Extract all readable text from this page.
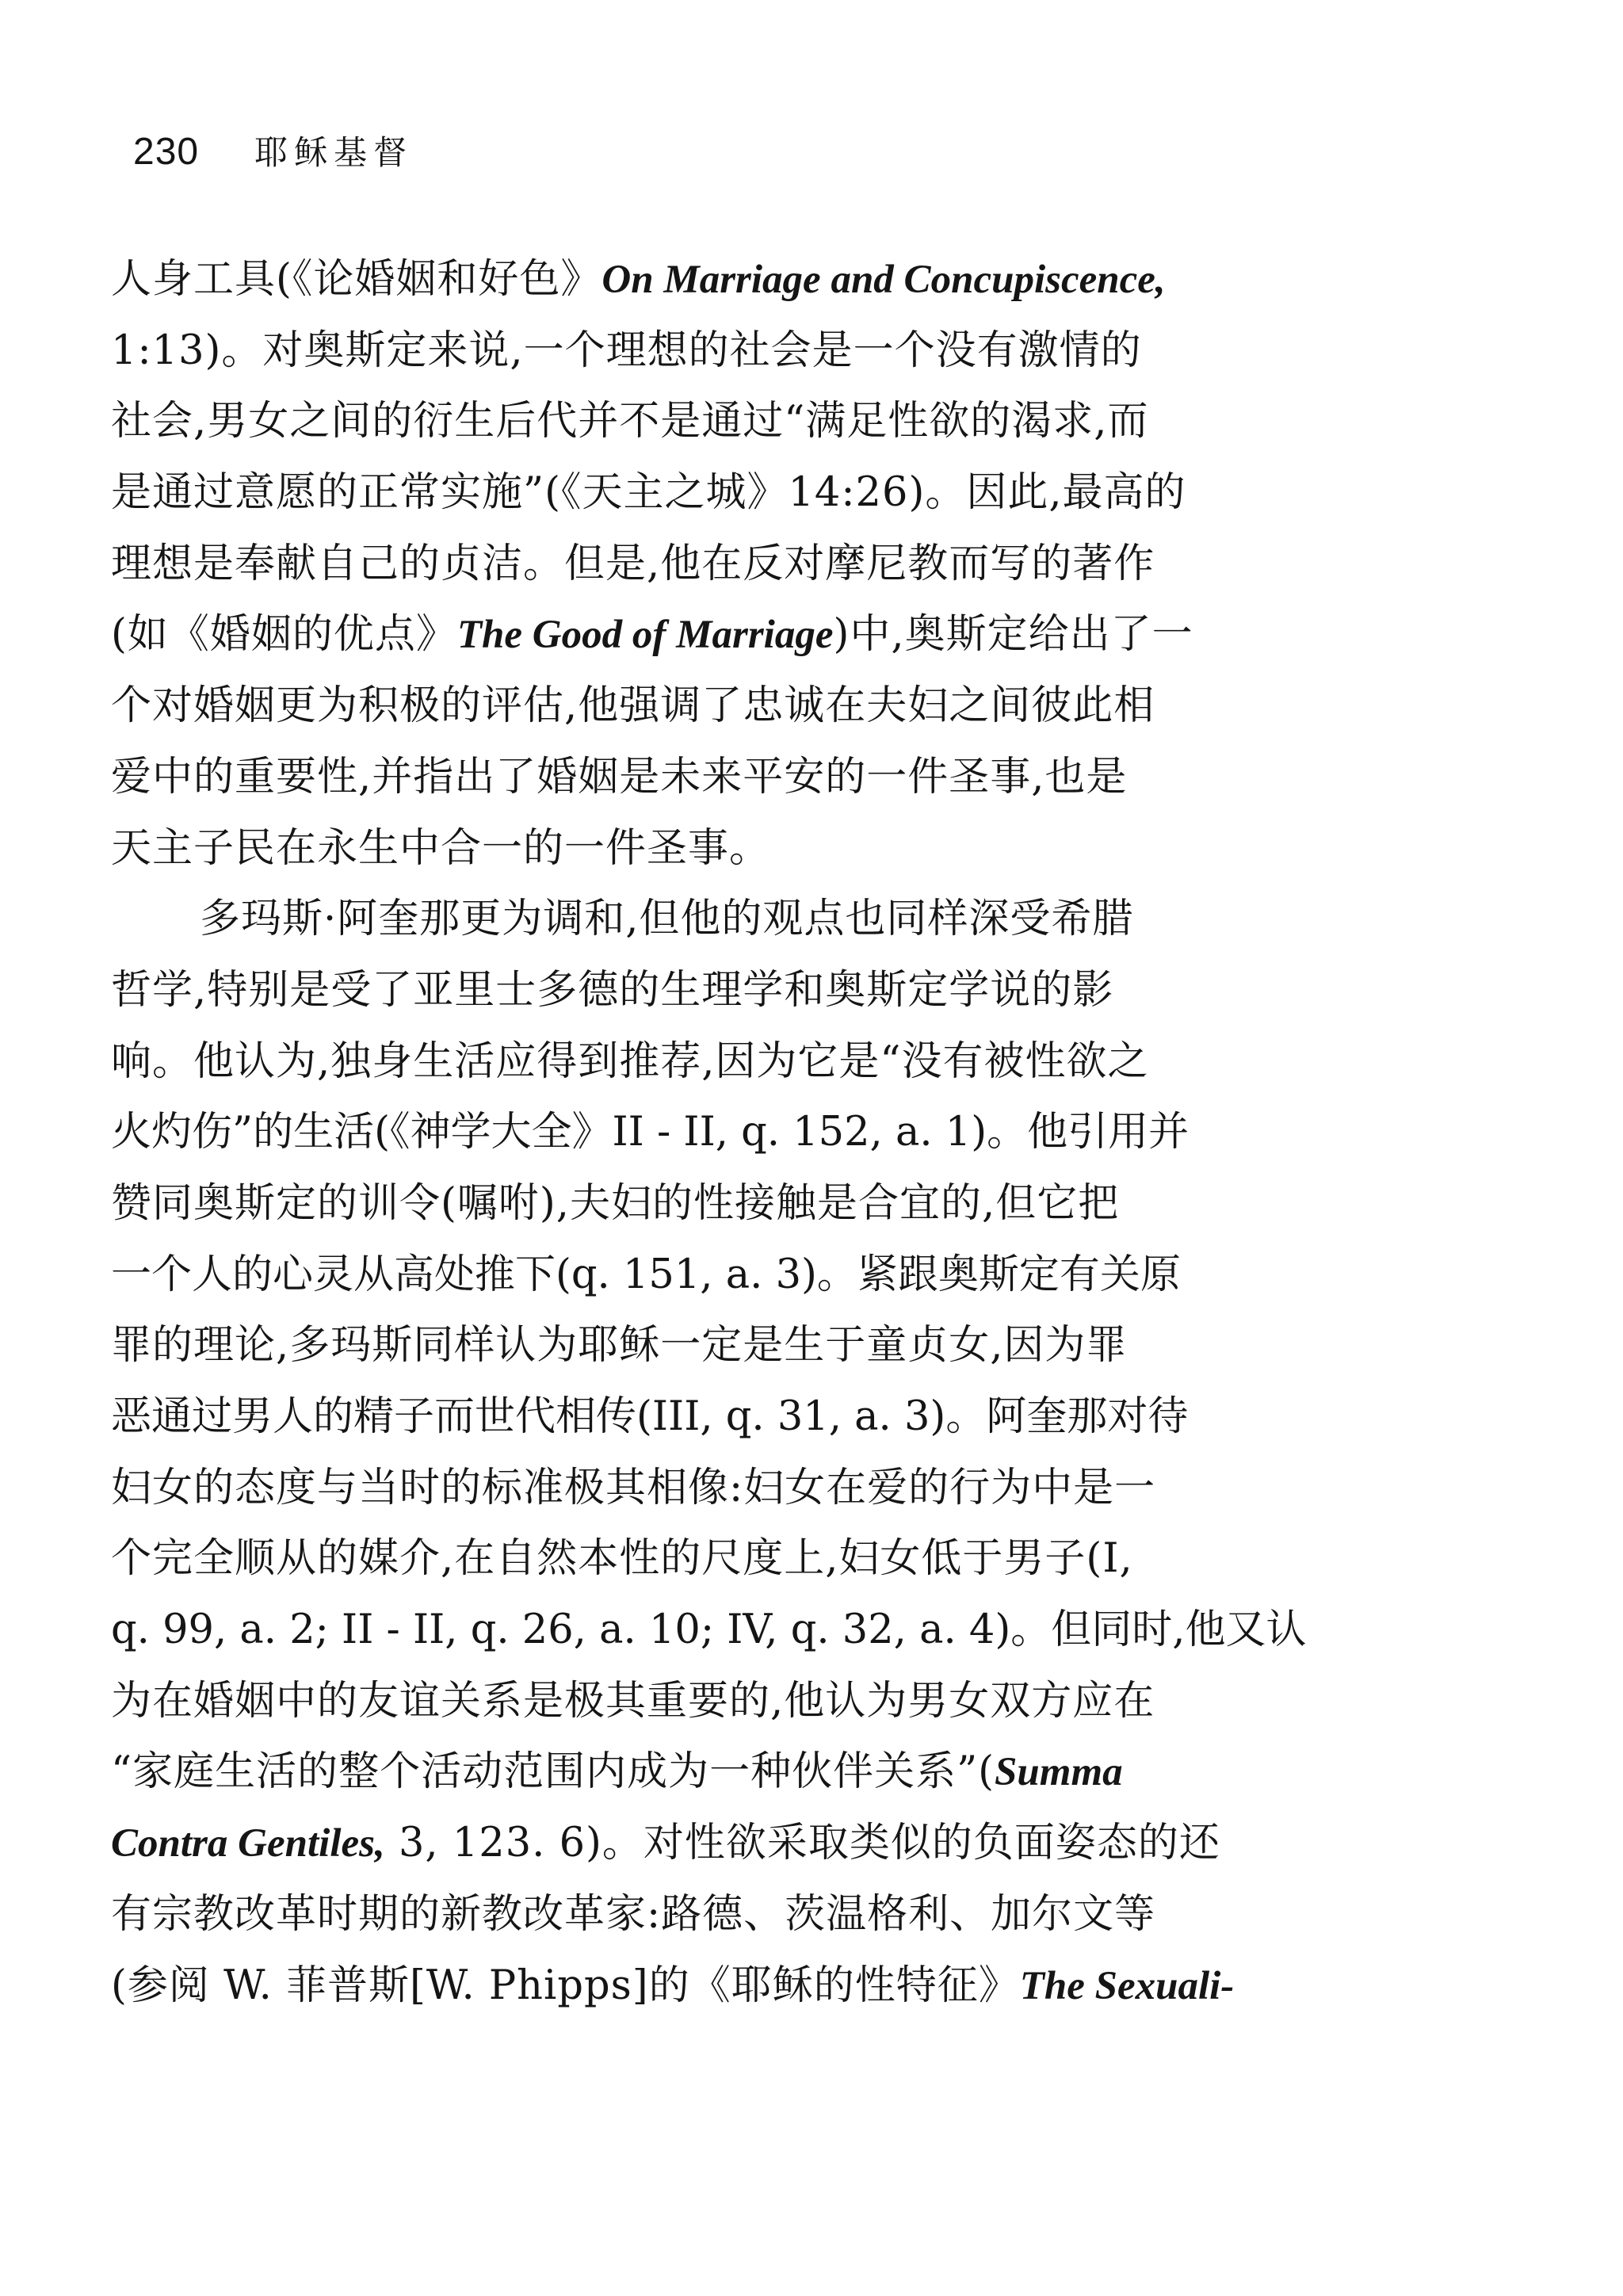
230 耶稣基督
人身工具(《论婚姻和好色》On Marriage and Concupiscence,
1:13)。对奥斯定来说,一个理想的社会是一个没有激情的
社会,男女之间的衍生后代并不是通过“满足性欲的渴求,而
是通过意愿的正常实施”(《天主之城》14:26)。因此,最高的
理想是奉献自己的贞洁。但是,他在反对摩尼教而写的著作
(如《婚姻的优点》The Good of Marriage)中,奥斯定给出了一
个对婚姻更为积极的评估,他强调了忠诚在夫妇之间彼此相
爱中的重要性,并指出了婚姻是未来平安的一件圣事,也是
天主子民在永生中合一的一件圣事。
多玛斯·阿奎那更为调和,但他的观点也同样深受希腊
哲学,特别是受了亚里士多德的生理学和奥斯定学说的影
响。他认为,独身生活应得到推荐,因为它是“没有被性欲之
火灼伤”的生活(《神学大全》II - II, q. 152, a. 1)。他引用并
赞同奥斯定的训令(嘱咐),夫妇的性接触是合宜的,但它把
一个人的心灵从高处推下(q. 151, a. 3)。紧跟奥斯定有关原
罪的理论,多玛斯同样认为耶稣一定是生于童贞女,因为罪
恶通过男人的精子而世代相传(III, q. 31, a. 3)。阿奎那对待
妇女的态度与当时的标准极其相像:妇女在爱的行为中是一
个完全顺从的媒介,在自然本性的尺度上,妇女低于男子(I,
q. 99, a. 2; II - II, q. 26, a. 10; IV, q. 32, a. 4)。但同时,他又认
为在婚姻中的友谊关系是极其重要的,他认为男女双方应在
“家庭生活的整个活动范围内成为一种伙伴关系”(Summa
Contra Gentiles, 3, 123. 6)。对性欲采取类似的负面姿态的还
有宗教改革时期的新教改革家:路德、茨温格利、加尔文等
(参阅 W. 菲普斯[W. Phipps]的《耶稣的性特征》The Sexuali-
